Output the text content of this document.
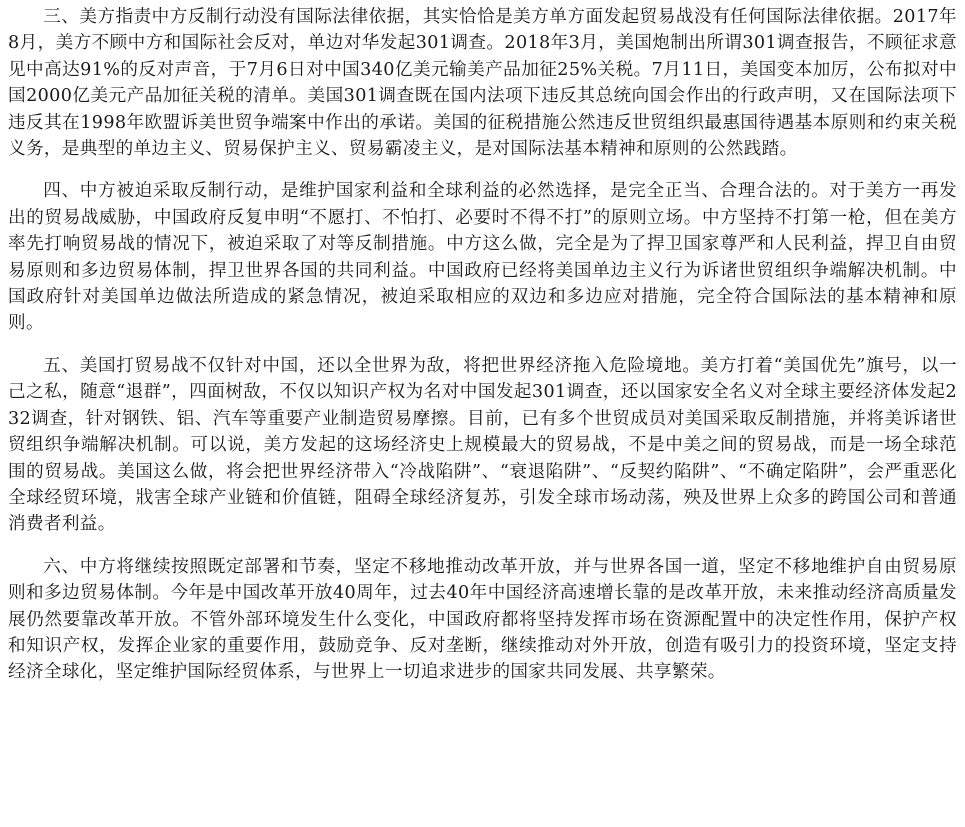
三、美方指责中方反制行动没有国际法律依据，其实恰恰是美方单方面发起贸易战没有任何国际法律依据。2017年8月，美方不顾中方和国际社会反对，单边对华发起301调查。2018年3月，美国炮制出所谓301调查报告，不顾征求意见中高达91%的反对声音，于7月6日对中国340亿美元输美产品加征25%关税。7月11日，美国变本加厉，公布拟对中国2000亿美元产品加征关税的清单。美国301调查既在国内法项下违反其总统向国会作出的行政声明，又在国际法项下违反其在1998年欧盟诉美世贸争端案中作出的承诺。美国的征税措施公然违反世贸组织最惠国待遇基本原则和约束关税义务，是典型的单边主义、贸易保护主义、贸易霸凌主义，是对国际法基本精神和原则的公然践踏。

四、中方被迫采取反制行动，是维护国家利益和全球利益的必然选择，是完全正当、合理合法的。对于美方一再发出的贸易战威胁，中国政府反复申明“不愿打、不怕打、必要时不得不打”的原则立场。中方坚持不打第一枪，但在美方率先打响贸易战的情况下，被迫采取了对等反制措施。中方这么做，完全是为了捍卫国家尊严和人民利益，捍卫自由贸易原则和多边贸易体制，捍卫世界各国的共同利益。中国政府已经将美国单边主义行为诉诸世贸组织争端解决机制。中国政府针对美国单边做法所造成的紧急情况，被迫采取相应的双边和多边应对措施，完全符合国际法的基本精神和原则。

五、美国打贸易战不仅针对中国，还以全世界为敌，将把世界经济拖入危险境地。美方打着“美国优先”旗号，以一己之私，随意“退群”，四面树敌，不仅以知识产权为名对中国发起301调查，还以国家安全名义对全球主要经济体发起232调查，针对钢铁、铝、汽车等重要产业制造贸易摩擦。目前，已有多个世贸成员对美国采取反制措施，并将美诉诸世贸组织争端解决机制。可以说，美方发起的这场经济史上规模最大的贸易战，不是中美之间的贸易战，而是一场全球范围的贸易战。美国这么做，将会把世界经济带入“冷战陷阱”、“衰退陷阱”、“反契约陷阱”、“不确定陷阱”，会严重恶化全球经贸环境，戕害全球产业链和价值链，阻碍全球经济复苏，引发全球市场动荡，殃及世界上众多的跨国公司和普通消费者利益。

六、中方将继续按照既定部署和节奏，坚定不移地推动改革开放，并与世界各国一道，坚定不移地维护自由贸易原则和多边贸易体制。今年是中国改革开放40周年，过去40年中国经济高速增长靠的是改革开放，未来推动经济高质量发展仍然要靠改革开放。不管外部环境发生什么变化，中国政府都将坚持发挥市场在资源配置中的决定性作用，保护产权和知识产权，发挥企业家的重要作用，鼓励竞争、反对垄断，继续推动对外开放，创造有吸引力的投资环境，坚定支持经济全球化，坚定维护国际经贸体系，与世界上一切追求进步的国家共同发展、共享繁荣。
